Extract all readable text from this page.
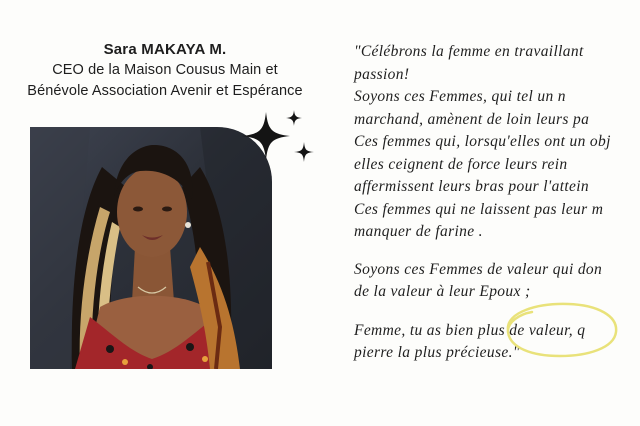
Sara MAKAYA M.
CEO de la Maison Cousus Main et
Bénévole Association Avenir et Espérance

"Célébrons la femme en travaillant

passion!

Soyons ces Femmes, qui tel un n

marchand, amènent de loin leurs pa

Ces femmes qui, lorsqu'elles ont un obj

elles ceignent de force leurs rein

affermissent leurs bras pour l'attein

Ces femmes qui ne laissent pas leur m

manquer de farine .

Soyons ces Femmes de valeur qui don

de la valeur à leur Epoux ;

Femme, tu as bien plus de valeur, q

pierre la plus précieuse."
